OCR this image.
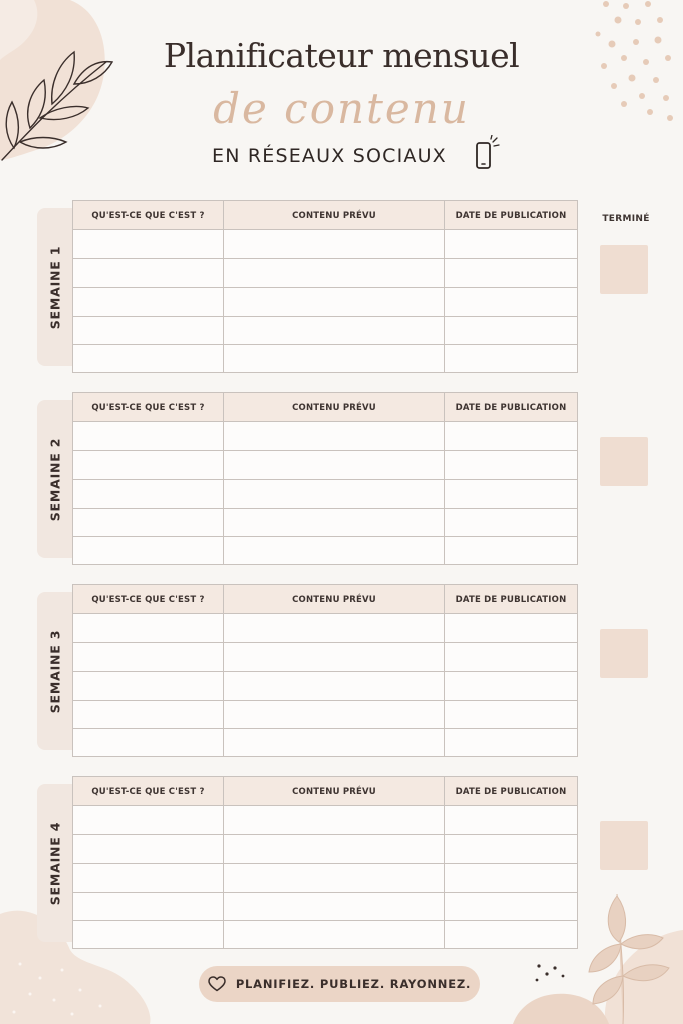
Planificateur mensuel
de contenu
EN RÉSEAUX SOCIAUX
TERMINÉ
SEMAINE 1
QU'EST-CE QUE C'EST ?	CONTENU PRÉVU	DATE DE PUBLICATION
SEMAINE 2
QU'EST-CE QUE C'EST ?	CONTENU PRÉVU	DATE DE PUBLICATION
SEMAINE 3
QU'EST-CE QUE C'EST ?	CONTENU PRÉVU	DATE DE PUBLICATION
SEMAINE 4
QU'EST-CE QUE C'EST ?	CONTENU PRÉVU	DATE DE PUBLICATION
PLANIFIEZ. PUBLIEZ. RAYONNEZ.
